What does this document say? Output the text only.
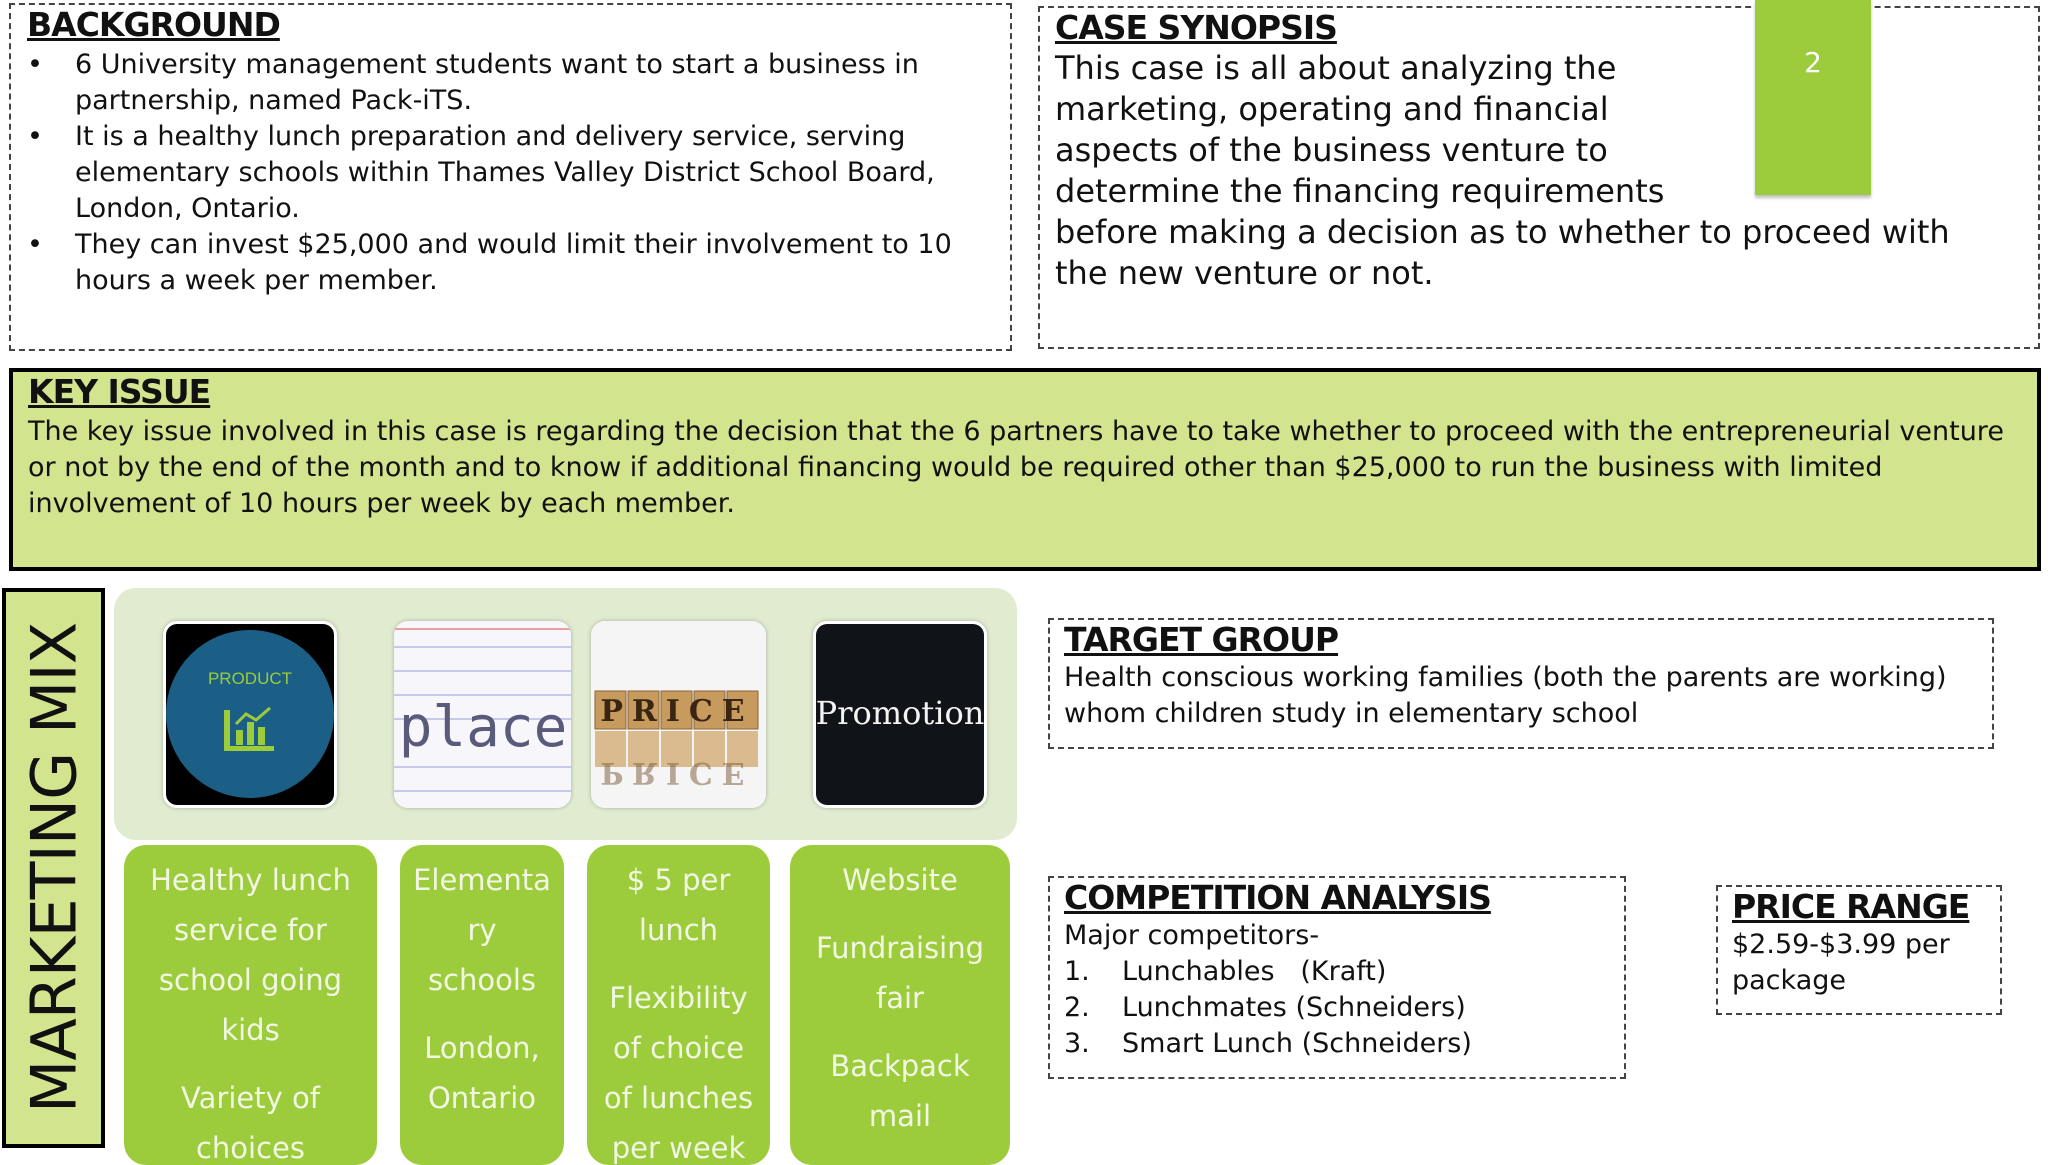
BACKGROUND
• 6 University management students want to start a business in partnership, named Pack-iTS.
• It is a healthy lunch preparation and delivery service, serving elementary schools within Thames Valley District School Board, London, Ontario.
• They can invest $25,000 and would limit their involvement to 10 hours a week per member.
CASE SYNOPSIS
This case is all about analyzing the
marketing, operating and financial
aspects of the business venture to
determine the financing requirements
before making a decision as to whether to proceed with
the new venture or not.
2
KEY ISSUE
The key issue involved in this case is regarding the decision that the 6 partners have to take whether to proceed with the entrepreneurial venture or not by the end of the month and to know if additional financing would be required other than $25,000 to run the business with limited involvement of 10 hours per week by each member.
MARKETING MIX	PRODUCT
place PRICE
PRICE
Promotion
Healthy lunch
service for
school going
kids
Variety of
choices
Elementa
ry
schools
London,
Ontario
$ 5 per
lunch
Flexibility
of choice
of lunches
per week
Website
Fundraising
fair
Backpack
mail
TARGET GROUP
Health conscious working families (both the parents are working)
whom children study in elementary school
COMPETITION ANALYSIS
Major competitors-
1. Lunchables   (Kraft)
2. Lunchmates (Schneiders)
3. Smart Lunch (Schneiders)
PRICE RANGE
$2.59-$3.99 per
package
